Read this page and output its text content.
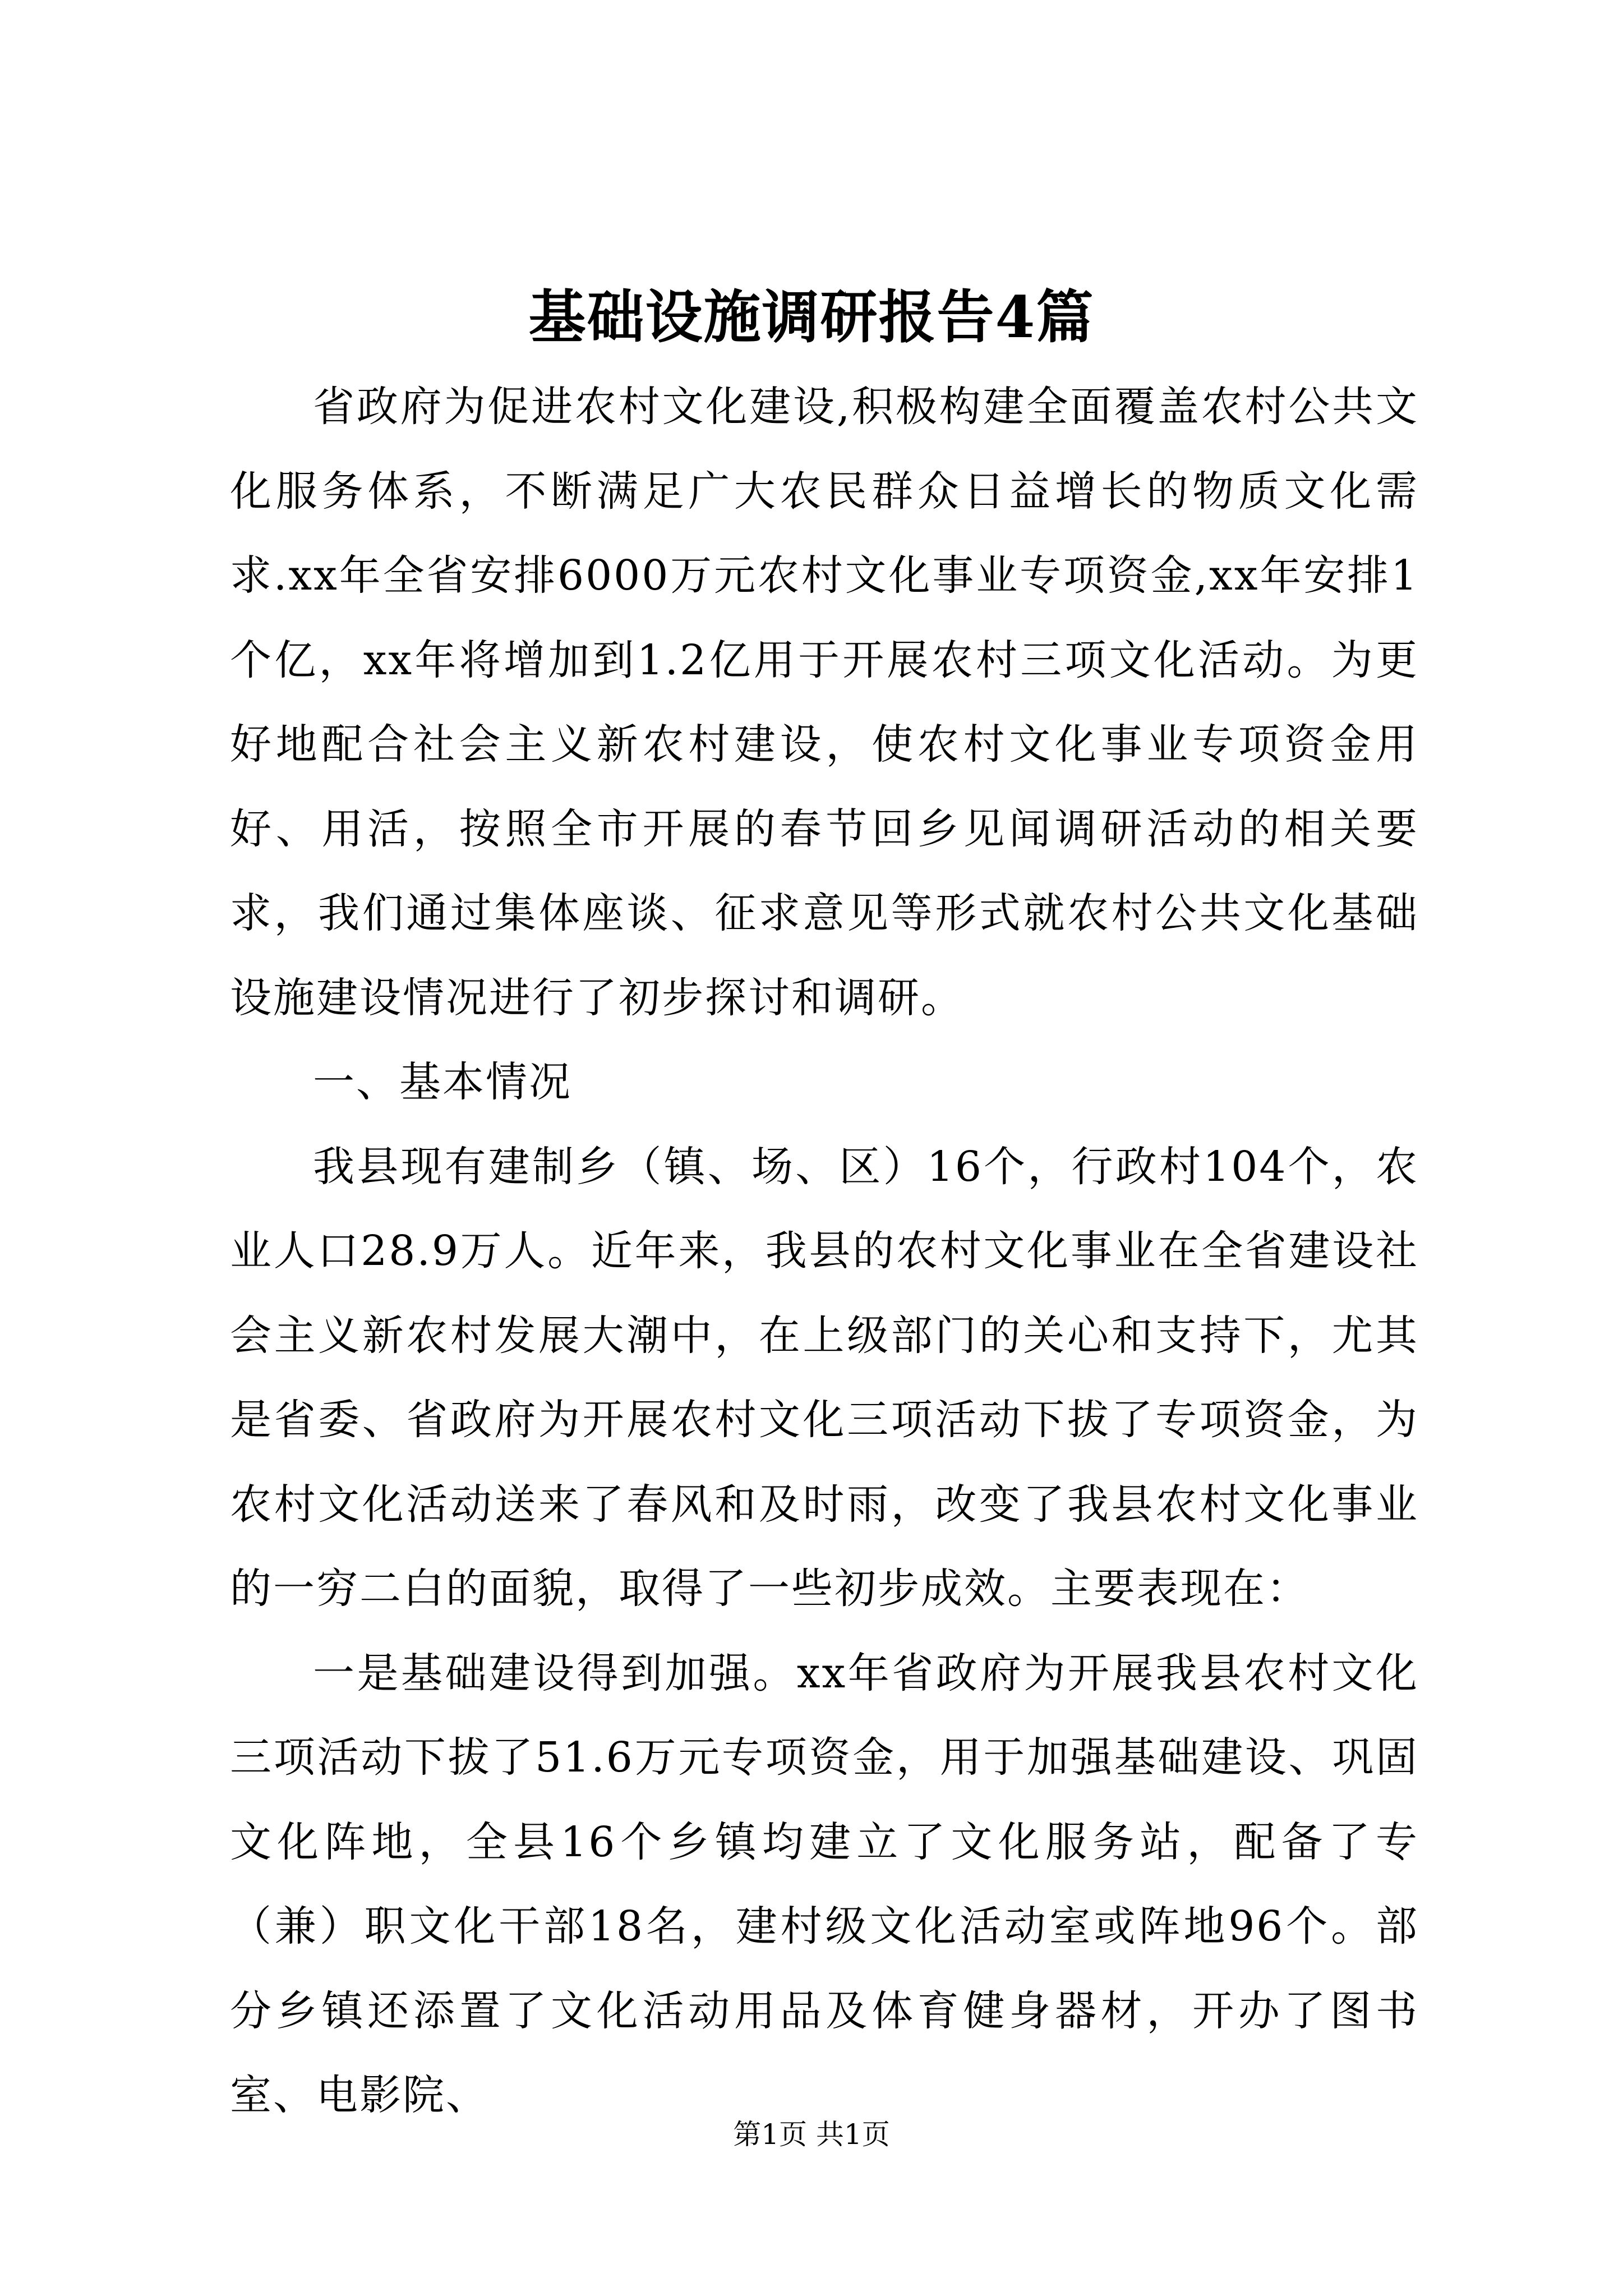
基础设施调研报告4篇

省政府为促进农村文化建设,积极构建全面覆盖农村公共文化服务体系，不断满足广大农民群众日益增长的物质文化需求.xx年全省安排6000万元农村文化事业专项资金,xx年安排1个亿，xx年将增加到1.2亿用于开展农村三项文化活动。为更好地配合社会主义新农村建设，使农村文化事业专项资金用好、用活，按照全市开展的春节回乡见闻调研活动的相关要求，我们通过集体座谈、征求意见等形式就农村公共文化基础设施建设情况进行了初步探讨和调研。

一、基本情况

我县现有建制乡（镇、场、区）16个，行政村104个，农业人口28.9万人。近年来，我县的农村文化事业在全省建设社会主义新农村发展大潮中，在上级部门的关心和支持下，尤其是省委、省政府为开展农村文化三项活动下拔了专项资金，为农村文化活动送来了春风和及时雨，改变了我县农村文化事业的一穷二白的面貌，取得了一些初步成效。主要表现在：

一是基础建设得到加强。xx年省政府为开展我县农村文化三项活动下拔了51.6万元专项资金，用于加强基础建设、巩固文化阵地，全县16个乡镇均建立了文化服务站，配备了专（兼）职文化干部18名，建村级文化活动室或阵地96个。部分乡镇还添置了文化活动用品及体育健身器材，开办了图书室、电影院、

第1页 共1页
